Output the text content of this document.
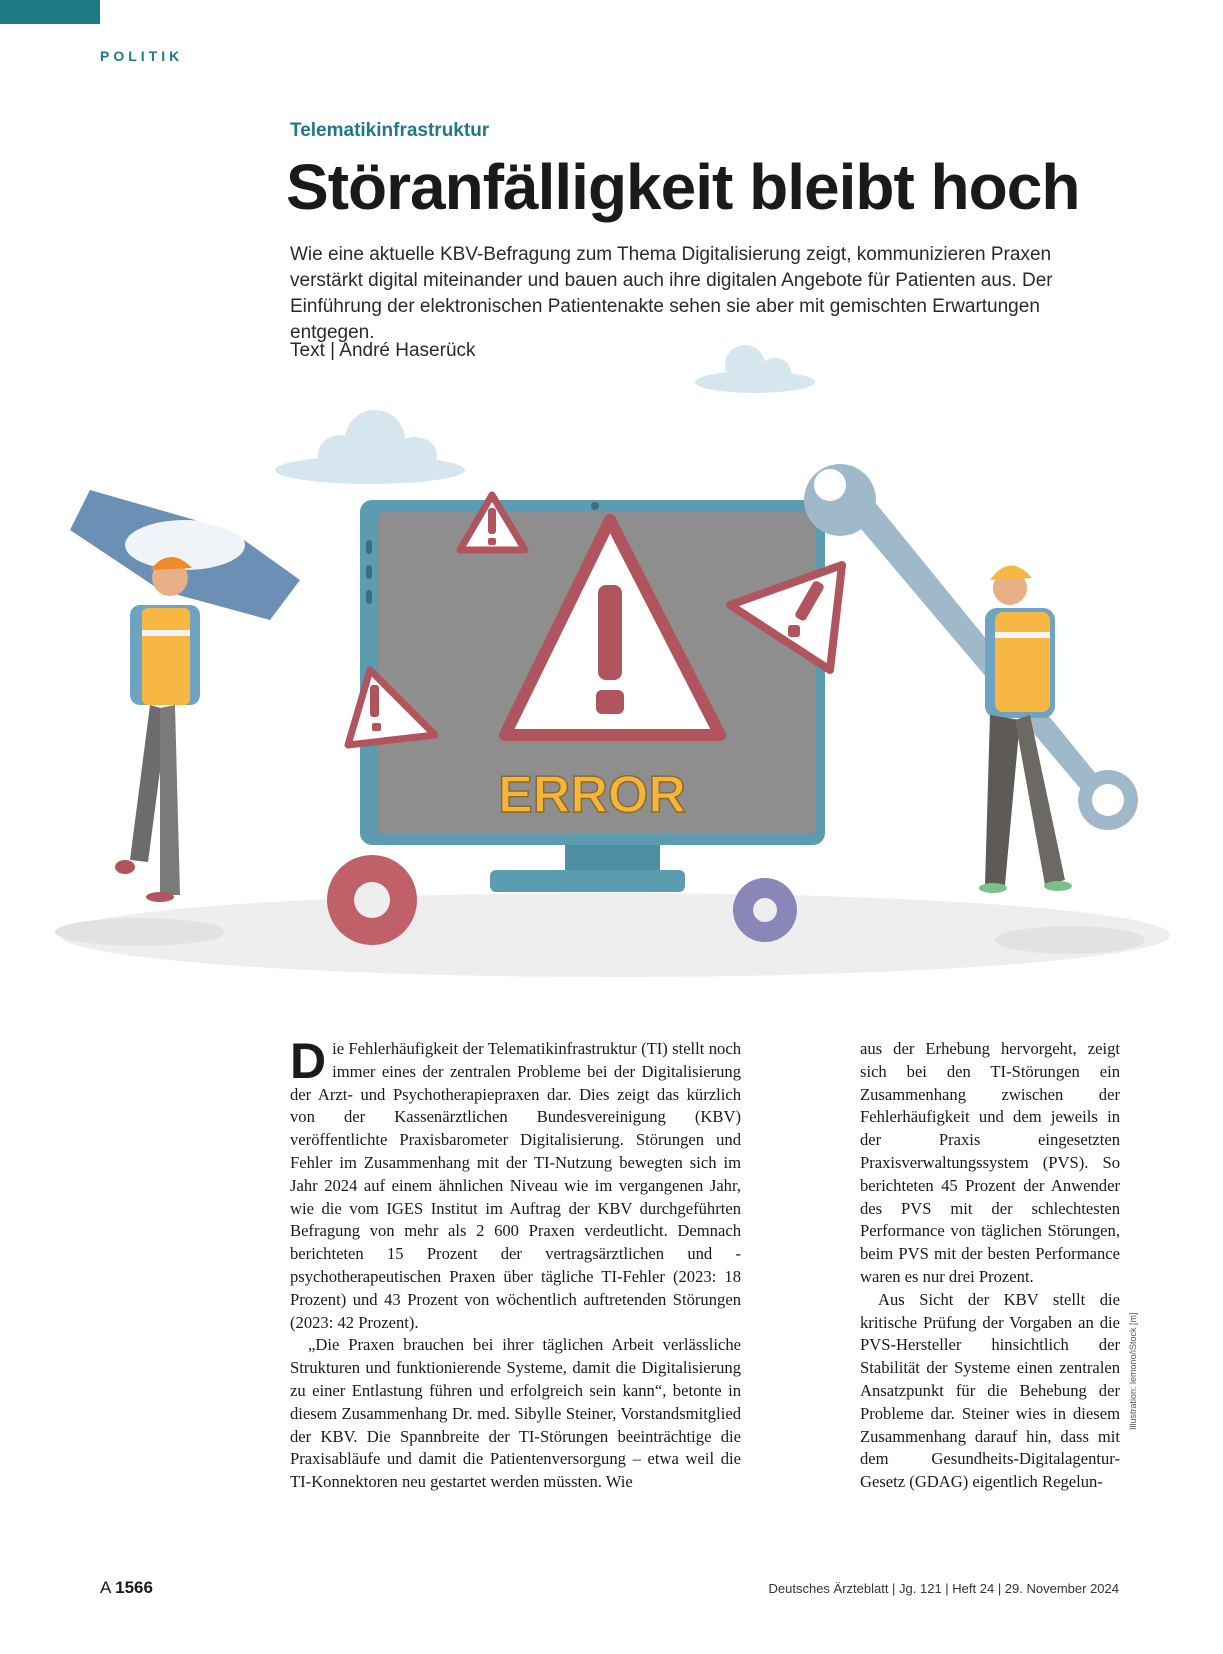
POLITIK
Telematikinfrastruktur
Störanfälligkeit bleibt hoch

Wie eine aktuelle KBV-Befragung zum Thema Digitalisierung zeigt, kommunizieren Praxen verstärkt digital miteinander und bauen auch ihre digitalen Angebote für Patienten aus. Der Einführung der elektronischen Patientenakte sehen sie aber mit gemischten Erwartungen entgegen.

Text | André Haserück
ERROR

Die Fehlerhäufigkeit der Telematikinfrastruktur (TI) stellt noch immer eines der zentralen Probleme bei der Digitalisierung der Arzt- und Psychotherapiepraxen dar. Dies zeigt das kürzlich von der Kassenärztlichen Bundesvereinigung (KBV) veröffentlichte Praxisbarometer Digitalisierung. Störungen und Fehler im Zusammenhang mit der TI-Nutzung bewegten sich im Jahr 2024 auf einem ähnlichen Niveau wie im vergangenen Jahr, wie die vom IGES Institut im Auftrag der KBV durchgeführten Befragung von mehr als 2 600 Praxen verdeutlicht. Demnach berichteten 15 Prozent der vertragsärztlichen und -psychotherapeutischen Praxen über tägliche TI-Fehler (2023: 18 Prozent) und 43 Prozent von wöchentlich auftretenden Störungen (2023: 42 Prozent).

„Die Praxen brauchen bei ihrer täglichen Arbeit verlässliche Strukturen und funktionierende Systeme, damit die Digitalisierung zu einer Entlastung führen und erfolgreich sein kann“, betonte in diesem Zusammenhang Dr. med. Sibylle Steiner, Vorstandsmitglied der KBV. Die Spannbreite der TI-Störungen beeinträchtige die Praxisabläufe und damit die Patientenversorgung – etwa weil die TI-Konnektoren neu gestartet werden müssten. Wie

aus der Erhebung hervorgeht, zeigt sich bei den TI-Störungen ein Zusammenhang zwischen der Fehlerhäufigkeit und dem jeweils in der Praxis eingesetzten Praxisverwaltungssystem (PVS). So berichteten 45 Prozent der Anwender des PVS mit der schlechtesten Performance von täglichen Störungen, beim PVS mit der besten Performance waren es nur drei Prozent.

Aus Sicht der KBV stellt die kritische Prüfung der Vorgaben an die PVS-Hersteller hinsichtlich der Stabilität der Systeme einen zentralen Ansatzpunkt für die Behebung der Probleme dar. Steiner wies in diesem Zusammenhang darauf hin, dass mit dem Gesundheits-Digitalagentur-Gesetz (GDAG) eigentlich Regelun-

Illustration: lemono/iStock [m]
A 1566	Deutsches Ärzteblatt | Jg. 121 | Heft 24 | 29. November 2024
